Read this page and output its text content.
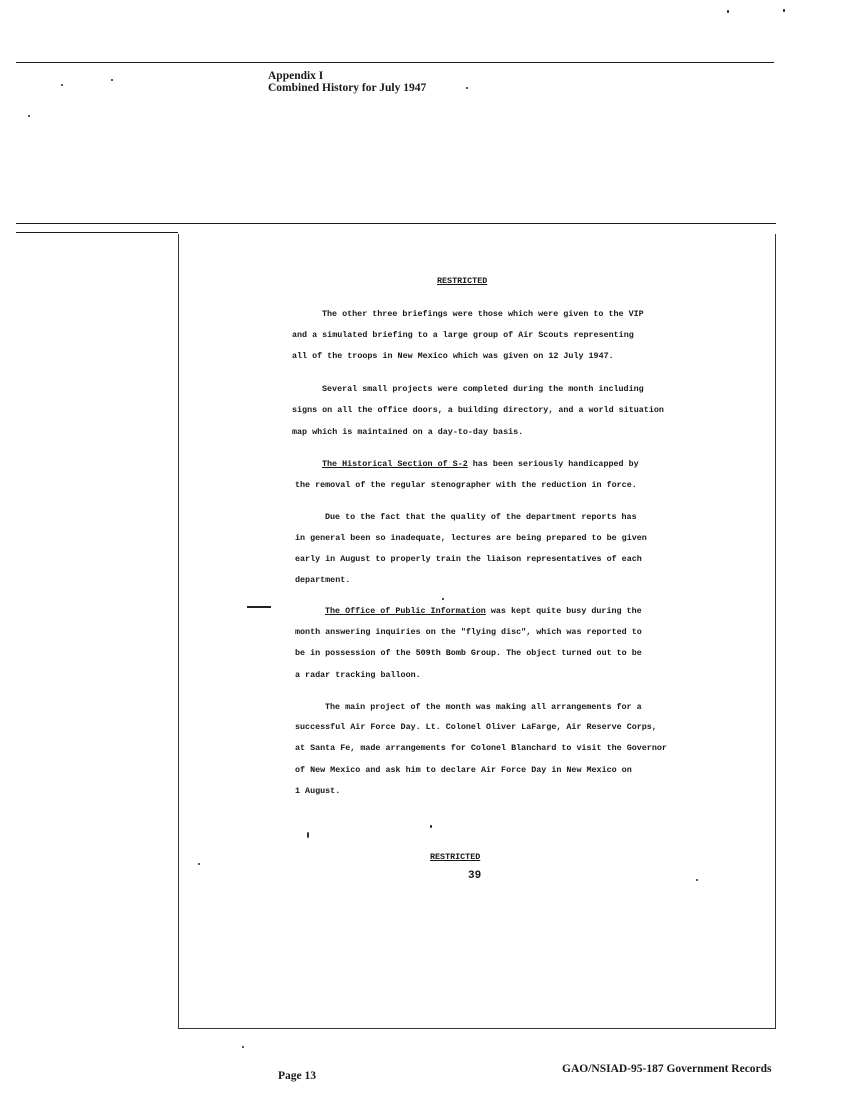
Appendix I
Combined History for July 1947
RESTRICTED
The other three briefings were those which were given to the VIP
and a simulated briefing to a large group of Air Scouts representing
all of the troops in New Mexico which was given on 12 July 1947.
Several small projects were completed during the month including
signs on all the office doors, a building directory, and a world situation
map which is maintained on a day-to-day basis.
The Historical Section of S-2 has been seriously handicapped by
the removal of the regular stenographer with the reduction in force.
Due to the fact that the quality of the department reports has
in general been so inadequate, lectures are being prepared to be given
early in August to properly train the liaison representatives of each
department.
The Office of Public Information was kept quite busy during the
month answering inquiries on the "flying disc", which was reported to
be in possession of the 509th Bomb Group. The object turned out to be
a radar tracking balloon.
The main project of the month was making all arrangements for a
successful Air Force Day. Lt. Colonel Oliver LaFarge, Air Reserve Corps,
at Santa Fe, made arrangements for Colonel Blanchard to visit the Governor
of New Mexico and ask him to declare Air Force Day in New Mexico on
1 August.
RESTRICTED
39
Page 13
GAO/NSIAD-95-187 Government Records
